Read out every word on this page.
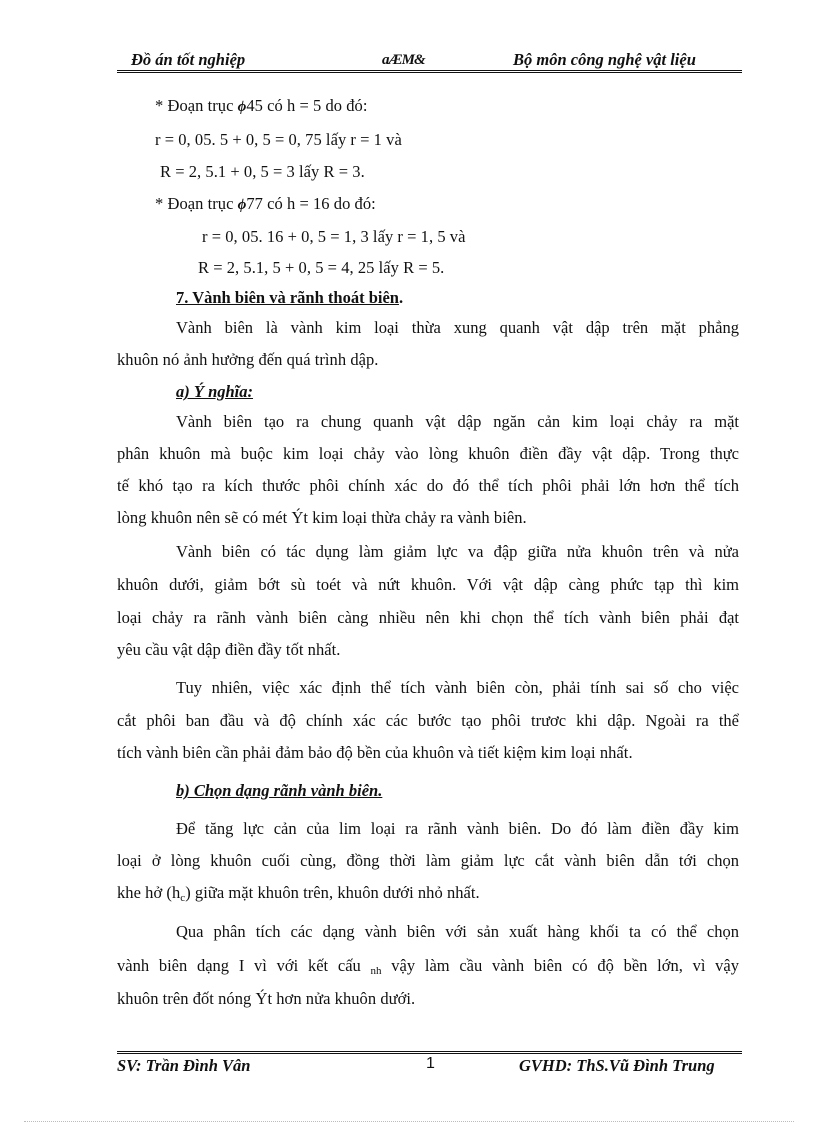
Đồ án tốt nghiệp	aÆM&	Bộ môn công nghệ vật liệu
* Đoạn trục ϕ45 có h = 5 do đó:
r = 0, 05. 5 + 0, 5 = 0, 75 lấy r = 1 và
R = 2, 5.1 + 0, 5 = 3 lấy R = 3.
* Đoạn trục ϕ77 có h = 16 do đó:
r = 0, 05. 16 + 0, 5 = 1, 3 lấy r = 1, 5 và
R = 2, 5.1, 5 + 0, 5 = 4, 25 lấy R = 5.
7. Vành biên và rãnh thoát biên.
Vành biên là vành kim loại thừa xung quanh vật dập trên mặt phẳng
khuôn nó ảnh hưởng đến quá trình dập.
a) Ý nghĩa:
Vành biên tạo ra chung quanh vật dập ngăn cản kim loại chảy ra mặt
phân khuôn mà buộc kim loại chảy vào lòng khuôn điền đầy vật dập. Trong thực
tế khó tạo ra kích thước phôi chính xác do đó thể tích phôi phải lớn hơn thể tích
lòng khuôn nên sẽ có mét Ýt kim loại thừa chảy ra vành biên.
Vành biên có tác dụng làm giảm lực va đập giữa nửa khuôn trên và nửa
khuôn dưới, giảm bớt sù toét và nứt khuôn. Với vật dập càng phức tạp thì kim
loại chảy ra rãnh vành biên càng nhiều nên khi chọn thể tích vành biên phải đạt
yêu cầu vật dập điền đầy tốt nhất.
Tuy nhiên, việc xác định thể tích vành biên còn, phải tính sai số cho việc
cắt phôi ban đầu và độ chính xác các bước tạo phôi trươc khi dập. Ngoài ra thể
tích vành biên cần phải đảm bảo độ bền của khuôn và tiết kiệm kim loại nhất.
b) Chọn dạng rãnh vành biên.
Để tăng lực cản của lim loại ra rãnh vành biên. Do đó làm điền đầy kim
loại ở lòng khuôn cuối cùng, đồng thời làm giảm lực cắt vành biên dẫn tới chọn
khe hở $(h_c)$ giữa mặt khuôn trên, khuôn dưới nhỏ nhất.
Qua phân tích các dạng vành biên với sản xuất hàng khối ta có thể chọn
vành biên dạng I vì với kết cấu $_{nh}$ vậy làm cầu vành biên có độ bền lớn, vì vậy
khuôn trên đốt nóng Ýt hơn nửa khuôn dưới.
SV: Trần Đình Vân	1	GVHD: ThS.Vũ Đình Trung
